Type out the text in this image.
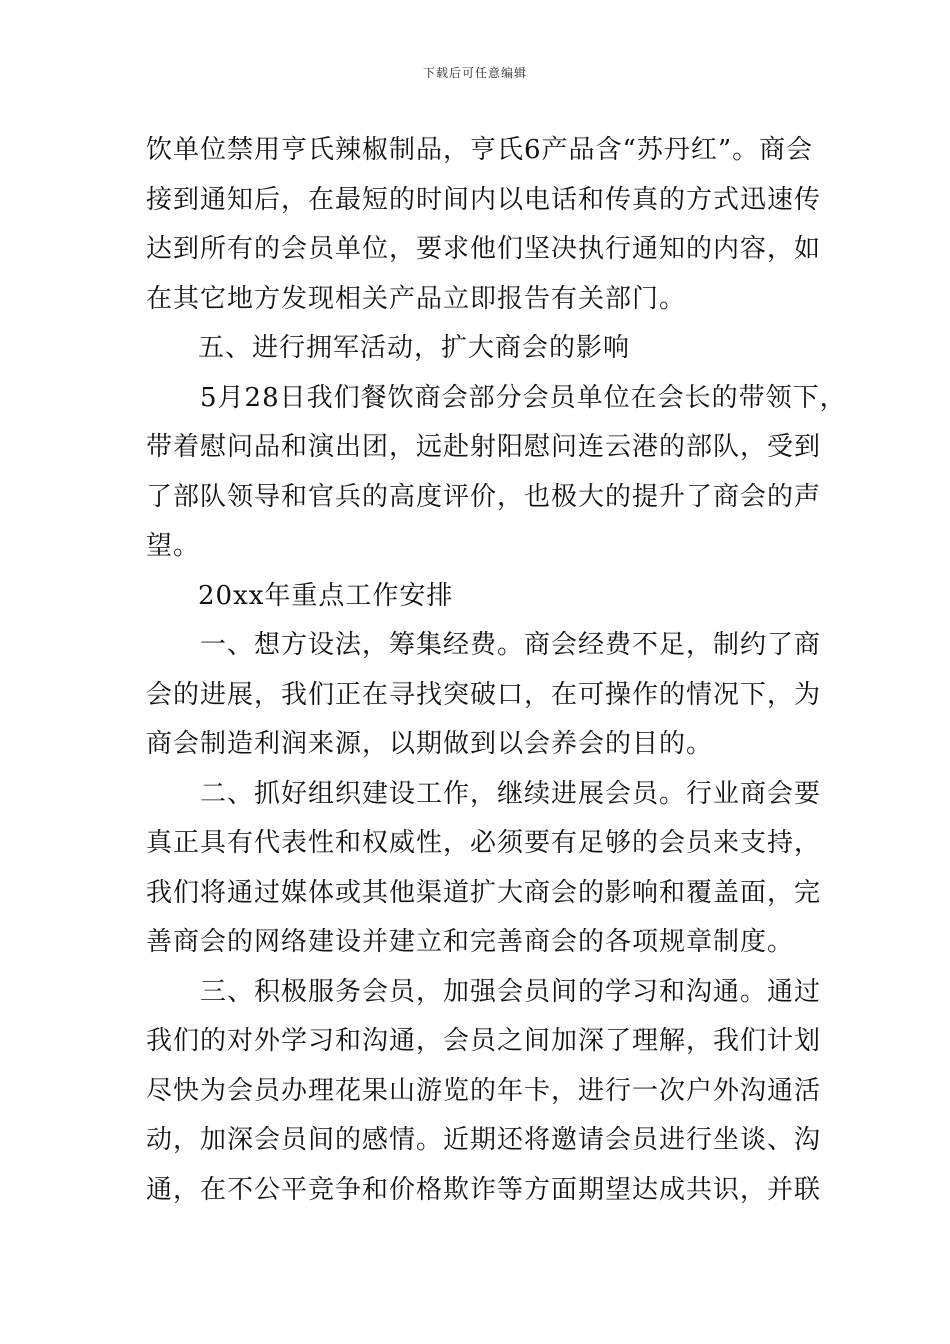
下载后可任意编辑
饮单位禁用亨氏辣椒制品，亨氏6产品含“苏丹红”。商会
接到通知后，在最短的时间内以电话和传真的方式迅速传
达到所有的会员单位，要求他们坚决执行通知的内容，如
在其它地方发现相关产品立即报告有关部门。
五、进行拥军活动，扩大商会的影响
5月28日我们餐饮商会部分会员单位在会长的带领下，
带着慰问品和演出团，远赴射阳慰问连云港的部队，受到
了部队领导和官兵的高度评价，也极大的提升了商会的声
望。
20xx年重点工作安排
一、想方设法，筹集经费。商会经费不足，制约了商
会的进展，我们正在寻找突破口，在可操作的情况下，为
商会制造利润来源，以期做到以会养会的目的。
二、抓好组织建设工作，继续进展会员。行业商会要
真正具有代表性和权威性，必须要有足够的会员来支持，
我们将通过媒体或其他渠道扩大商会的影响和覆盖面，完
善商会的网络建设并建立和完善商会的各项规章制度。
三、积极服务会员，加强会员间的学习和沟通。通过
我们的对外学习和沟通，会员之间加深了理解，我们计划
尽快为会员办理花果山游览的年卡，进行一次户外沟通活
动，加深会员间的感情。近期还将邀请会员进行坐谈、沟
通，在不公平竞争和价格欺诈等方面期望达成共识，并联
